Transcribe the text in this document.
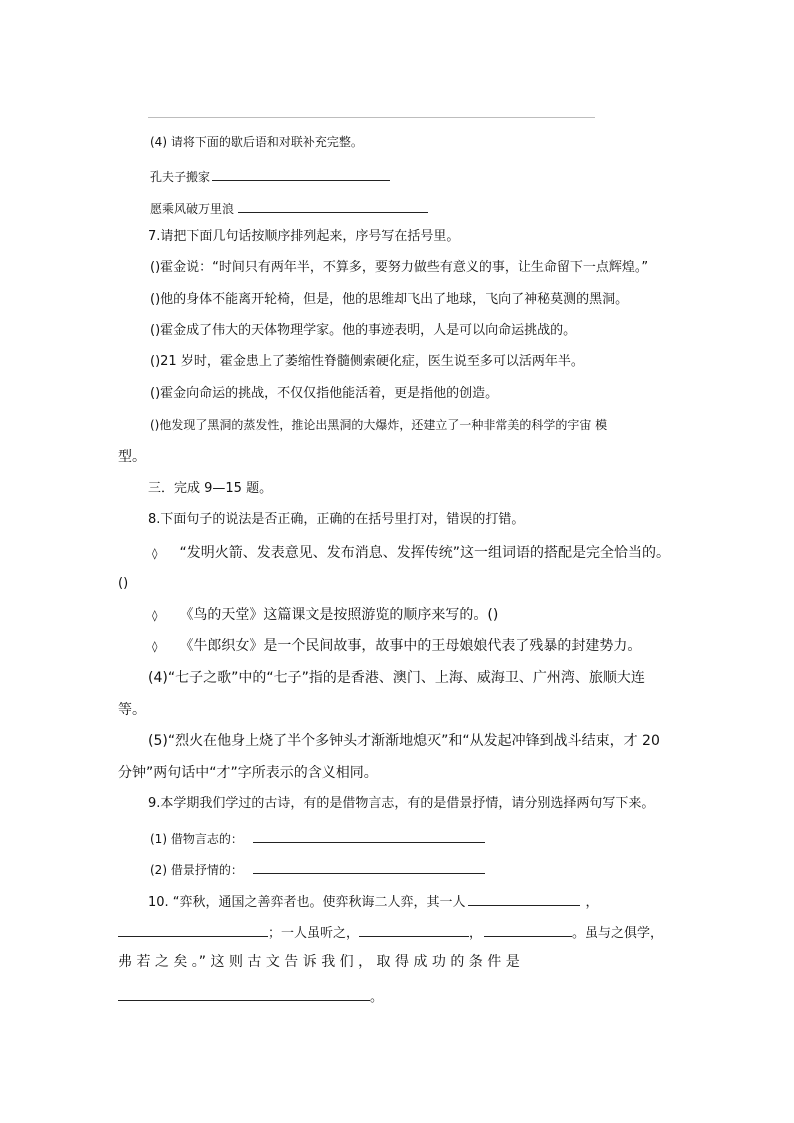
(4) 请将下面的歇后语和对联补充完整。
孔夫子搬家
愿乘风破万里浪
7.请把下面几句话按顺序排列起来，序号写在括号里。
()霍金说：“时间只有两年半，不算多，要努力做些有意义的事，让生命留下一点辉煌。”
()他的身体不能离开轮椅，但是，他的思维却飞出了地球，飞向了神秘莫测的黑洞。
()霍金成了伟大的天体物理学家。他的事迹表明，人是可以向命运挑战的。
()21 岁时，霍金患上了萎缩性脊髓侧索硬化症，医生说至多可以活两年半。
()霍金向命运的挑战，不仅仅指他能活着，更是指他的创造。
()他发现了黑洞的蒸发性，推论出黑洞的大爆炸，还建立了一种非常美的科学的宇宙 模
型。
三．完成 9—15 题。
8.下面句子的说法是否正确，正确的在括号里打对，错误的打错。
◊ “发明火箭、发表意见、发布消息、发挥传统”这一组词语的搭配是完全恰当的。
()
◊ 《鸟的天堂》这篇课文是按照游览的顺序来写的。()
◊ 《牛郎织女》是一个民间故事，故事中的王母娘娘代表了残暴的封建势力。
(4)“七子之歌”中的“七子”指的是香港、澳门、上海、威海卫、广州湾、旅顺大连
等。
(5)“烈火在他身上烧了半个多钟头才渐渐地熄灭”和“从发起冲锋到战斗结束，才 20
分钟”两句话中“才”字所表示的含义相同。
9.本学期我们学过的古诗，有的是借物言志，有的是借景抒情，请分别选择两句写下来。
(1) 借物言志的：
(2) 借景抒情的：
10. “弈秋，通国之善弈者也。使弈秋诲二人弈，其一人	，
；一人虽听之，	，	。虽与之俱学，
弗 若 之 矣 。” 这 则 古 文 告 诉 我 们 ， 取 得 成 功 的 条 件 是
。
